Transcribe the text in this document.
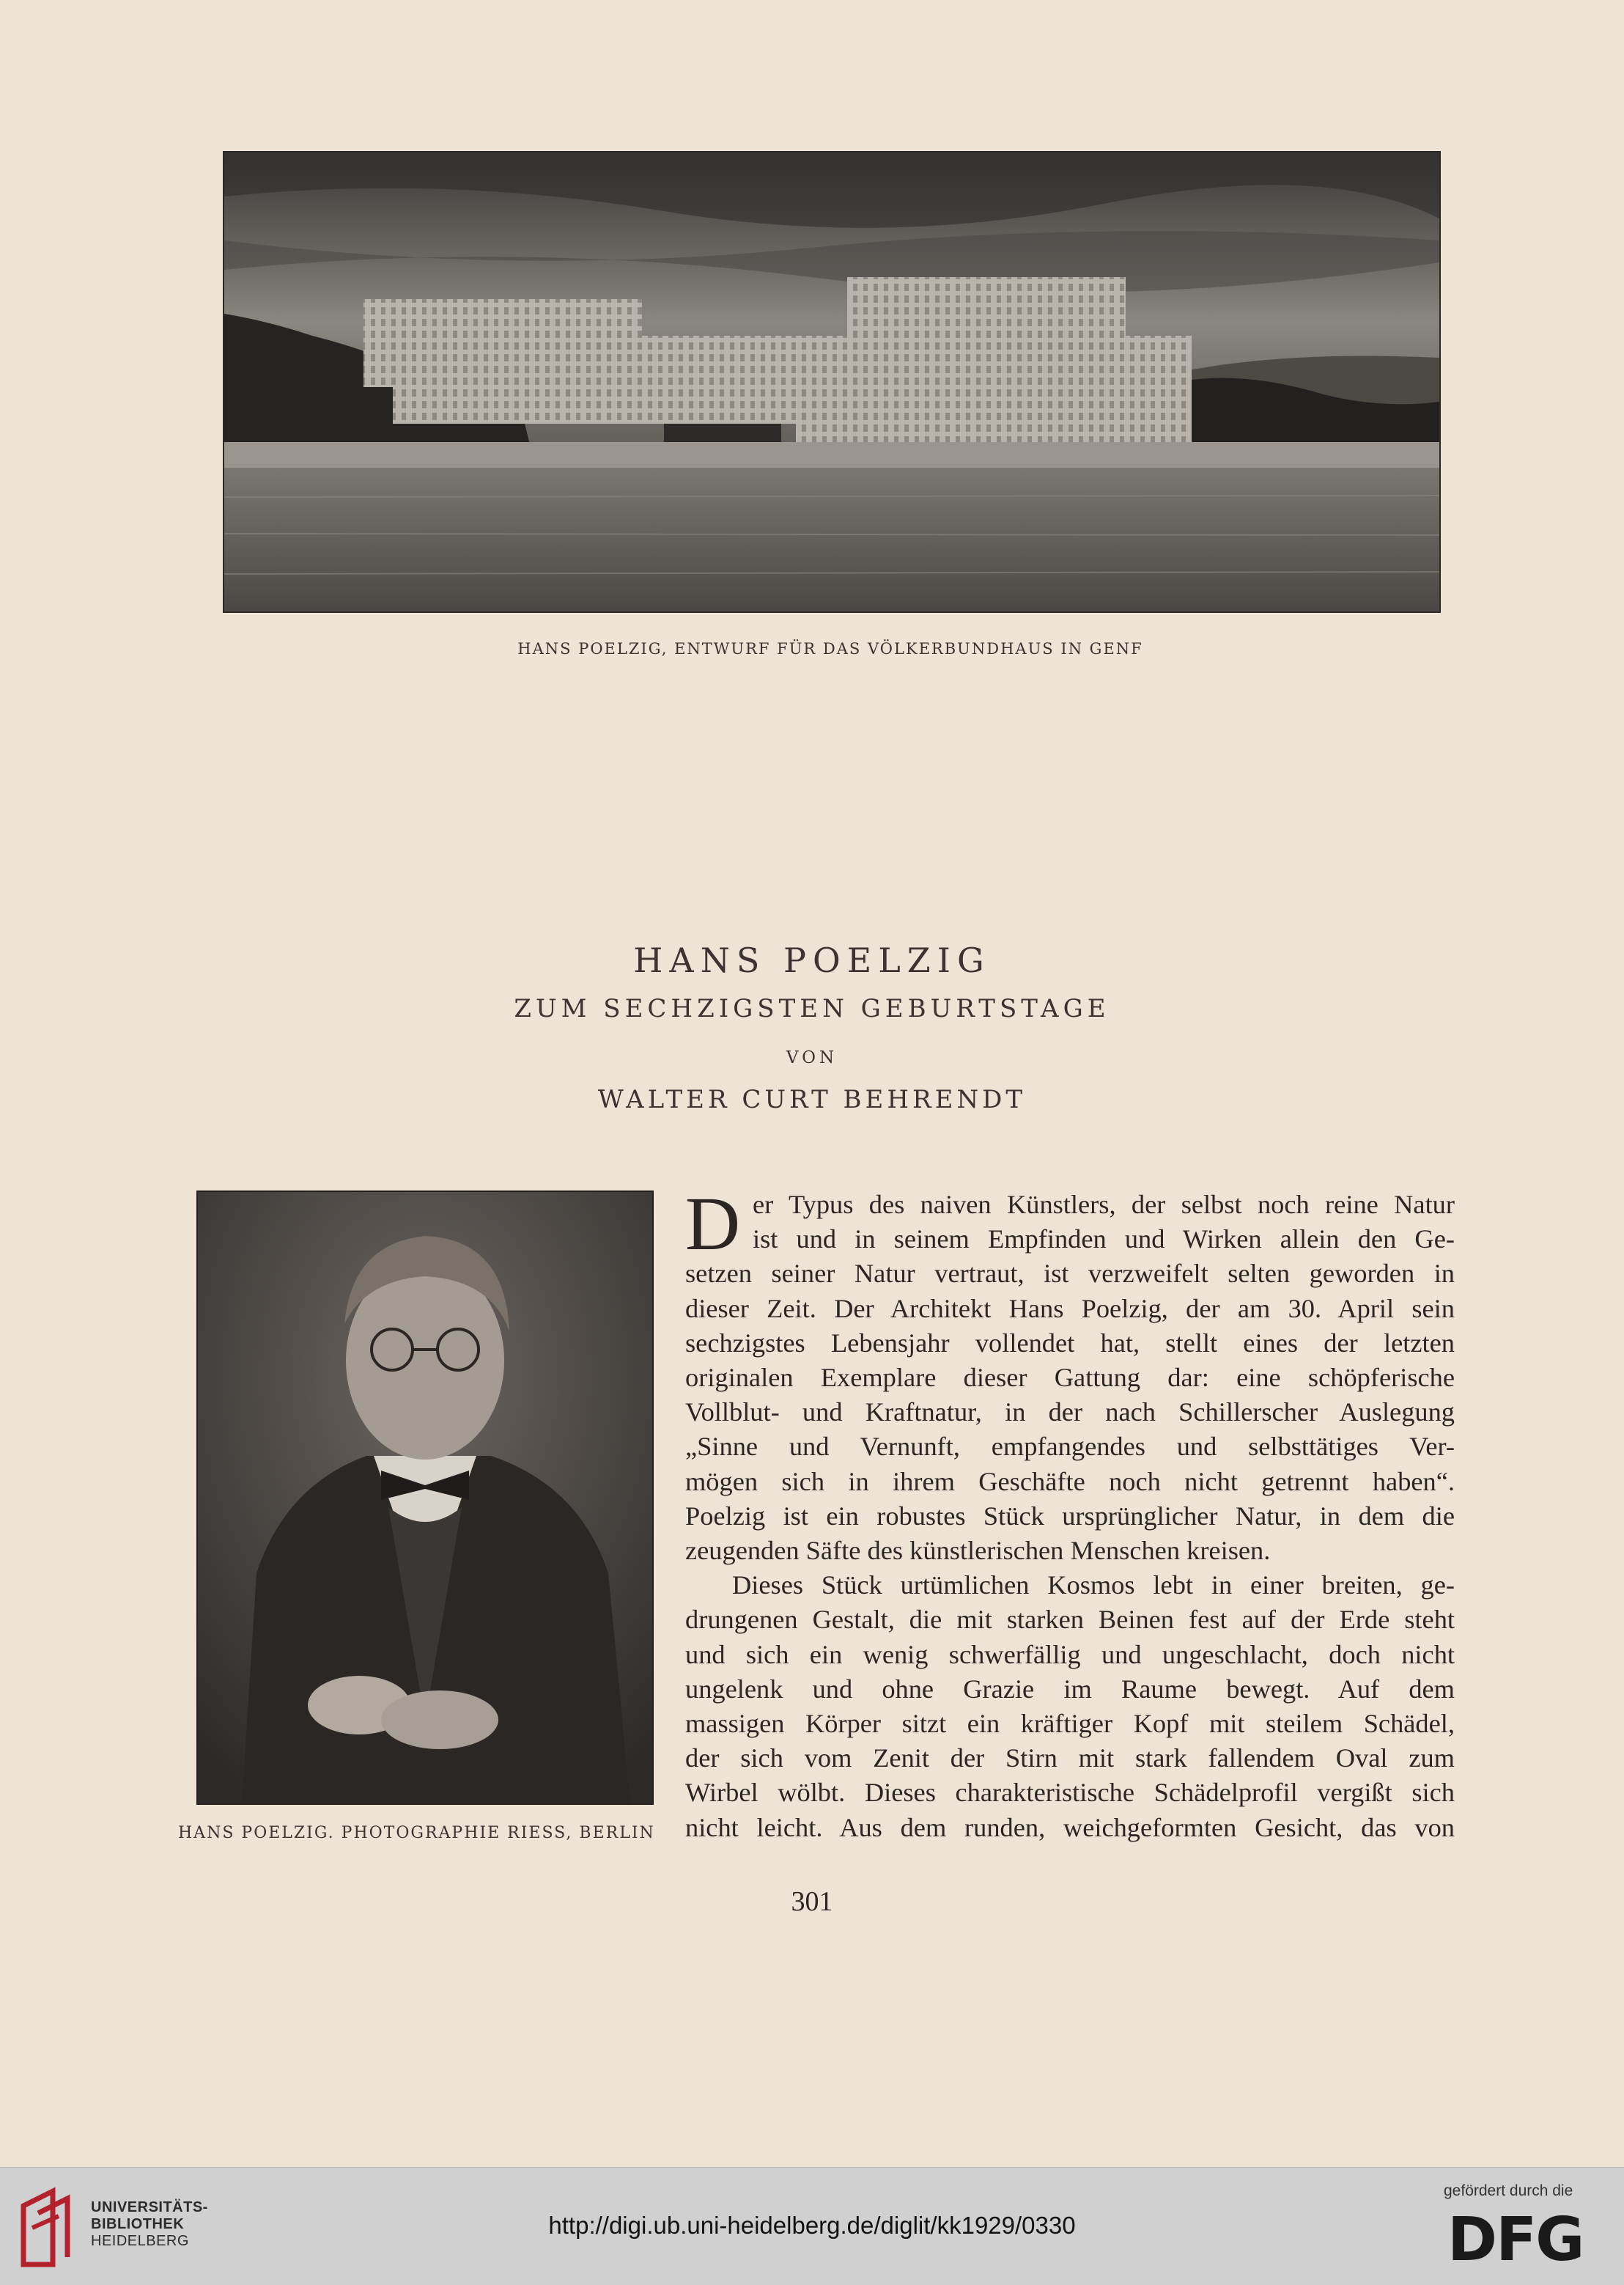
HANS POELZIG, ENTWURF FÜR DAS VÖLKERBUNDHAUS IN GENF
HANS POELZIG
ZUM SECHZIGSTEN GEBURTSTAGE
VON
WALTER CURT BEHRENDT
HANS POELZIG. PHOTOGRAPHIE RIESS, BERLIN
D er Typus des naiven Künstlers, der selbst noch reine Natur
ist und in seinem Empfinden und Wirken allein den Ge-
setzen seiner Natur vertraut, ist verzweifelt selten geworden in
dieser Zeit. Der Architekt Hans Poelzig, der am 30. April sein
sechzigstes Lebensjahr vollendet hat, stellt eines der letzten
originalen Exemplare dieser Gattung dar: eine schöpferische
Vollblut- und Kraftnatur, in der nach Schillerscher Auslegung
„Sinne und Vernunft, empfangendes und selbsttätiges Ver-
mögen sich in ihrem Geschäfte noch nicht getrennt haben“.
Poelzig ist ein robustes Stück ursprünglicher Natur, in dem die
zeugenden Säfte des künstlerischen Menschen kreisen.
Dieses Stück urtümlichen Kosmos lebt in einer breiten, ge-
drungenen Gestalt, die mit starken Beinen fest auf der Erde steht
und sich ein wenig schwerfällig und ungeschlacht, doch nicht
ungelenk und ohne Grazie im Raume bewegt. Auf dem
massigen Körper sitzt ein kräftiger Kopf mit steilem Schädel,
der sich vom Zenit der Stirn mit stark fallendem Oval zum
Wirbel wölbt. Dieses charakteristische Schädelprofil vergißt sich
nicht leicht. Aus dem runden, weichgeformten Gesicht, das von
301
UNIVERSITÄTS-
BIBLIOTHEK
HEIDELBERG
http://digi.ub.uni-heidelberg.de/diglit/kk1929/0330
gefördert durch die
DFG
